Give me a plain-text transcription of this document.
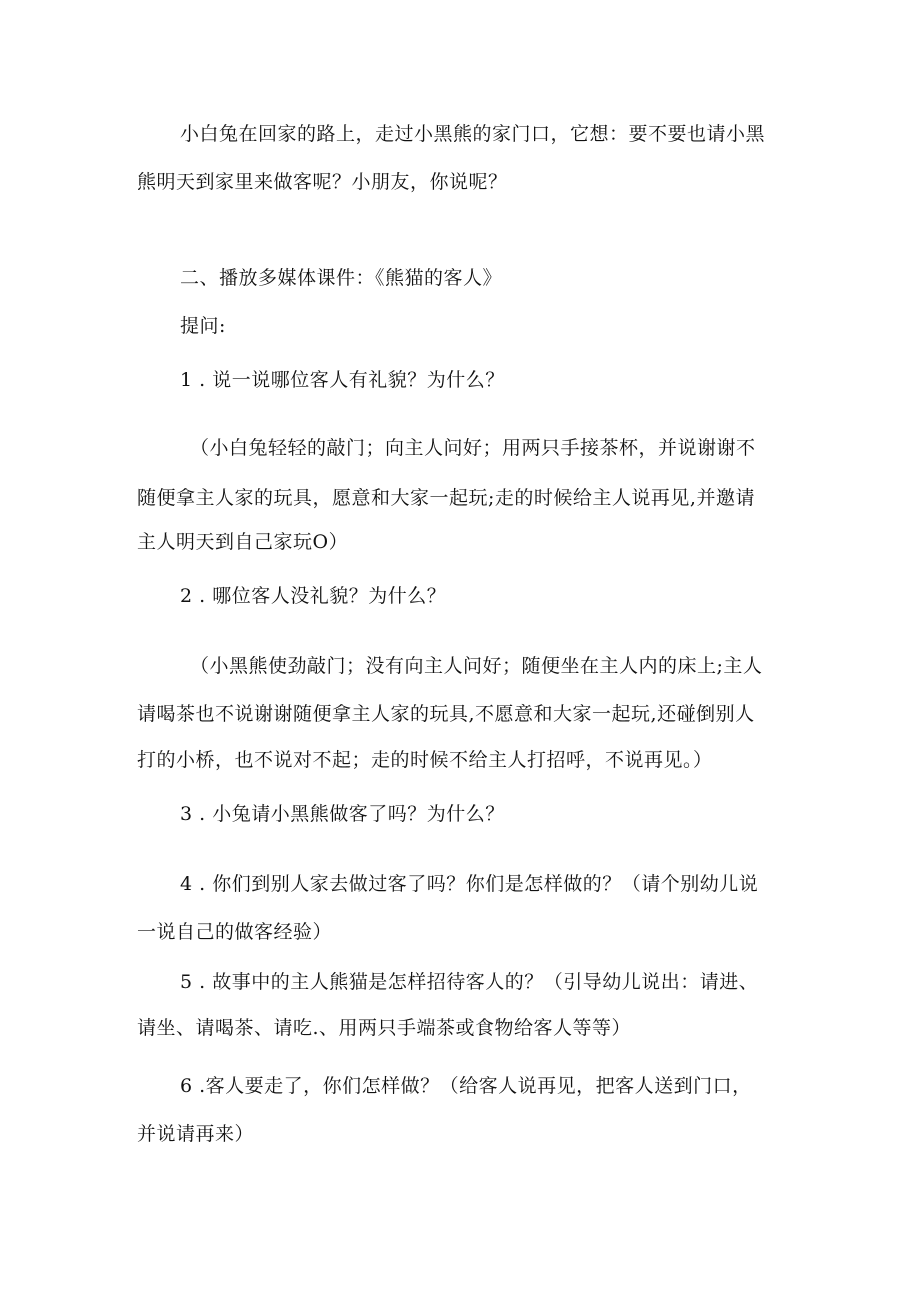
小白兔在回家的路上，走过小黑熊的家门口，它想：要不要也请小黑
熊明天到家里来做客呢？小朋友，你说呢？
二、播放多媒体课件：《熊猫的客人》
提问:
1 . 说一说哪位客人有礼貌？为什么？
（小白兔轻轻的敲门；向主人问好；用两只手接茶杯，并说谢谢不
随便拿主人家的玩具，愿意和大家一起玩;走的时候给主人说再见,并邀请
主人明天到自己家玩O）
2 . 哪位客人没礼貌？为什么？
（小黑熊使劲敲门；没有向主人问好；随便坐在主人内的床上;主人
请喝茶也不说谢谢随便拿主人家的玩具,不愿意和大家一起玩,还碰倒别人
打的小桥，也不说对不起；走的时候不给主人打招呼，不说再见。）
3 . 小兔请小黑熊做客了吗？为什么？
4 . 你们到别人家去做过客了吗？你们是怎样做的？（请个别幼儿说
一说自己的做客经验）
5 . 故事中的主人熊猫是怎样招待客人的？（引导幼儿说出：请进、
请坐、请喝茶、请吃.、用两只手端茶或食物给客人等等）
6 .客人要走了，你们怎样做？（给客人说再见，把客人送到门口，
并说请再来）
